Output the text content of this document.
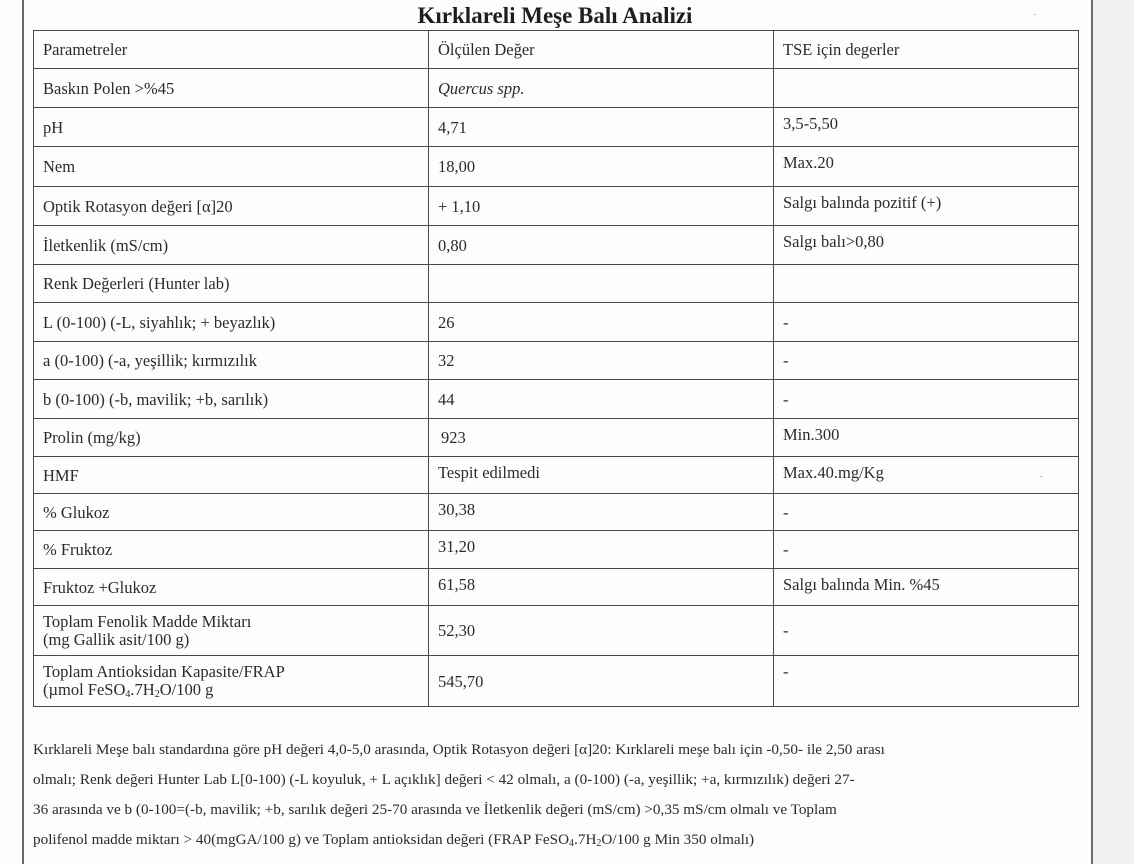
Kırklareli Meşe Balı Analizi
Parametreler	Ölçülen Değer	TSE için degerler
Baskın Polen >%45	Quercus spp.	
pH	4,71	3,5-5,50
Nem	18,00	Max.20
Optik Rotasyon değeri [α]20	+ 1,10	Salgı balında pozitif (+)
İletkenlik (mS/cm)	0,80	Salgı balı>0,80
Renk Değerleri (Hunter lab)		
L (0-100) (-L, siyahlık; + beyazlık)	26	-
a (0-100) (-a, yeşillik; kırmızılık	32	-
b (0-100) (-b, mavilik; +b, sarılık)	44	-
Prolin (mg/kg)	923	Min.300
HMF	Tespit edilmedi	Max.40.mg/Kg
% Glukoz	30,38	-
% Fruktoz	31,20	-
Fruktoz +Glukoz	61,58	Salgı balında Min. %45

Toplam Fenolik Madde Miktarı
(mg Gallik asit/100 g)	52,30	-

Toplam Antioksidan Kapasite/FRAP
(µmol $FeSO_4.7H_2O/100$ g	545,70	-

Kırklareli Meşe balı standardına göre pH değeri 4,0-5,0 arasında, Optik Rotasyon değeri [α]20: Kırklareli meşe balı için -0,50- ile 2,50 arası

olmalı; Renk değeri Hunter Lab L[0-100) (-L koyuluk, + L açıklık] değeri < 42 olmalı, a (0-100) (-a, yeşillik; +a, kırmızılık) değeri 27-

36 arasında ve b (0-100=(-b, mavilik; +b, sarılık değeri 25-70 arasında ve İletkenlik değeri (mS/cm) >0,35 mS/cm olmalı ve Toplam

polifenol madde miktarı > 40(mgGA/100 g) ve Toplam antioksidan değeri (FRAP $FeSO_4.7H_2O/100$ g Min 350 olmalı)
